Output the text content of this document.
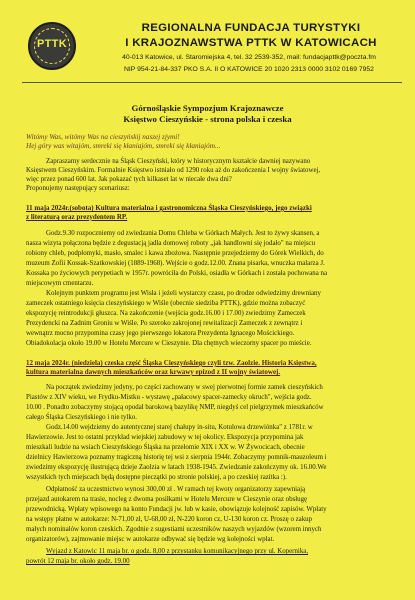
PTTK
REGIONALNA FUNDACJA TURYSTYKI
I KRAJOZNAWSTWA PTTK W KATOWICACH
40-013 Katowice, ul. Staromiejska 4, tel. 32 2539-352, mail: fundacjapttk@poczta.fm
NIP 954-21-84-337 PKO S.A. II O KATOWICE 20 1020 2313 0000 3102 0169 7952
Górnośląskie Sympozjum Krajoznawcze
Księstwo Cieszyńskie - strona polska i czeska
Witómy Was, witómy Was na cieszyńskij naszej zjymi!
Hej góry was witajóm, smreki się kłaniajóm, smreki się kłaniajóm...
Zapraszamy serdecznie na Śląsk Cieszyński, który w historycznym kształcie dawniej nazywano
Księstwem Cieszyńskim. Formalnie Księstwo istniało od 1290 roku aż do zakończenia I wojny światowej,
więc przez ponad 600 lat. Jak pokazać tych kilkaset lat w niecałe dwa dni?
Proponujemy następujący scenariusz:
11 maja 2024r.(sobota) Kultura materialna i gastronomiczna Śląska Cieszyńskiego, jego związki
z literaturą oraz prezydentem RP.
Godz.9.30 rozpoczniemy od zwiedzania Domu Chleba w Górkach Małych. Jest to żywy skansen, a
nasza wizyta połączona będzie z degustacją jadła domowej roboty „jak handlowni się jodało" na miejscu
robiony chleb, podpłomyki, masło, smalec i kawa zbożowa. Następnie przejedziemy do Górek Wielkich, do
muzeum Zofii Kossak-Szatkowskiej (1889-1968). Wejście o godz.12.00. Znana pisarka, wnuczka malarza J.
Kossaka po życiowych perypetiach w 1957r. powróciła do Polski, osiadła w Górkach i została pochowana na
miejscowym cmentarzu.
Kolejnym punktem programu jest Wisła i jeżeli wystarczy czasu, po drodze odwiedzimy drewniany
zameczek ostatniego księcia cieszyńskiego w Wiśle (obecnie siedziba PTTK), gdzie można zobaczyć
ekspozycję reintrodukcji głuszca. Na zakończenie (wejścia godz.16.00 i 17.00) zwiedzimy Zameczek
Prezydencki na Zadnim Groniu w Wiśle. Po szeroko zakrojonej rewitalizacji Zameczek z zewnątrz i
wewnątrz mocno przypomina czasy jego pierwszego lokatora Prezydenta Ignacego Mościckiego.
Obiadokolacja około 19.00 w Hotelu Mercure w Cieszynie. Dla chętnych wieczorny spacer po mieście.
12 maja 2024r. (niedziela) czeska część Śląska Cieszyńskiego czyli tzw. Zaolzie. Historia Księstwa,
kultura materialna dawnych mieszkańców oraz krwawy epizod z II wojny światowej.
Na początek zwiedzimy jedyny, po części zachowany w swej pierwotnej formie zamek cieszyńskich
Piastów z XIV wieku, we Frydku-Mistku - wystawę „pałacowy spacer-zamecky okruch", wejścia godz.
10.00 . Ponadto zobaczymy stojącą opodal barokową bazylikę NMP, niegdyś cel pielgrzymek mieszkańców
całego Śląska Cieszyńskiego i nie tylko.
Godz.14.00 wejdziemy do autentycznej starej chałupy in-situ, Kotulowa drzewiónka" z 1781r. w
Hawierzowie. Jest to ostatni przykład wiejskiej zabudowy w tej okolicy. Ekspozycja przypomina jak
mieszkali ludzie na wsiach Cieszyńskiego Śląska na przełomie XIX i XX w. W Żywocicach, obecnie
dzielnicy Hawierzowa poznamy tragiczną historię tej wsi z sierpnia 1944r. Zobaczymy pomnik-mauzoleum i
zwiedzimy ekspozycję ilustrującą dzieje Zaolzia w latach 1938-1945. Zwiedzanie zakończymy ok. 16.00.We
wszystkich tych miejscach będą dostępne pieczątki po stronie polskiej, a po czeskiej razítka :).
Odpłatność za uczestnictwo wynosi 300,00 zł . W ramach tej kwoty organizatorzy zapewniają
przejazd autokarem na trasie, nocleg z dwoma posiłkami w Hotelu Mercure w Cieszynie oraz obsługę
przewodnicką. Wpłaty wpisowego na konto Fundacji jw. lub w kasie, obowiązuje kolejność zapisów. Wpłaty
na wstępy płatne w autokarze: N-71,00 zł, U-68,00 zł, N-220 koron cz, U-130 koron cz. Proszę o zakup
małych nominałów koron czeskich. Zgodnie z sugestiami uczestników naszych wyjazdów (wzorem innych
organizatorów), zajmowanie miejsc w autokarze odbywać się będzie wg kolejności wpłat.
Wyjazd z Katowic 11 maja br. o godz. 8,00 z przystanku komunikacyjnego przy ul. Kopernika,
powrót 12 maja br. około godz. 19.00
